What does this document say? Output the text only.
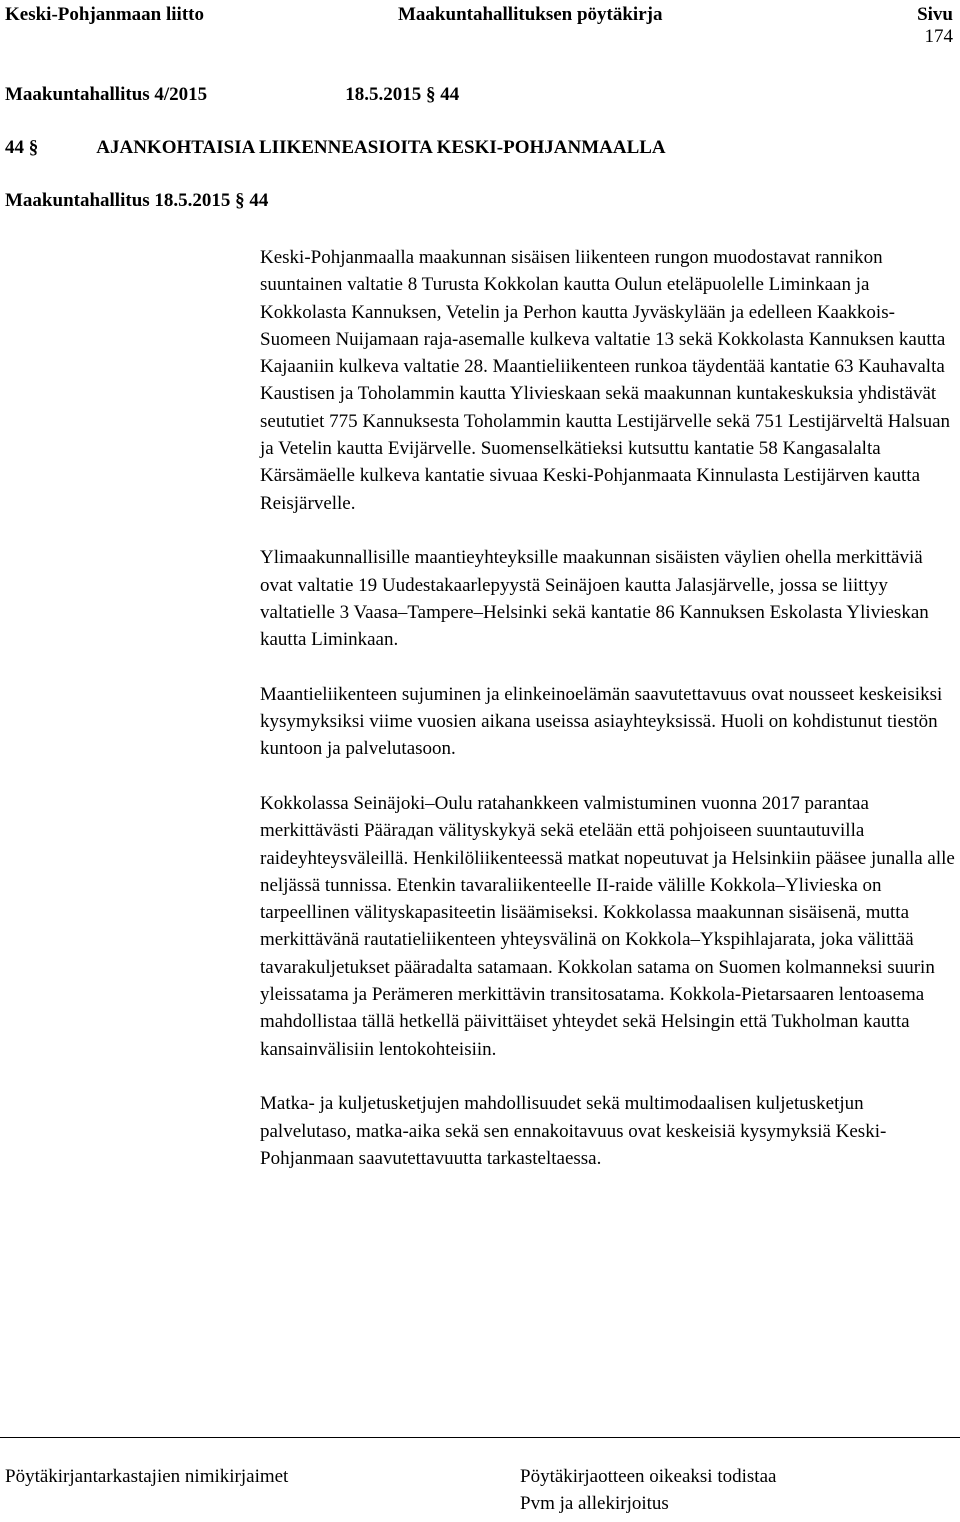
Keski-Pohjanmaan liitto	Maakuntahallituksen pöytäkirja	Sivu
174
Maakuntahallitus 4/2015	18.5.2015 § 44
44 §	AJANKOHTAISIA LIIKENNEASIOITA KESKI-POHJANMAALLA
Maakuntahallitus 18.5.2015 § 44

Keski-Pohjanmaalla maakunnan sisäisen liikenteen rungon muodostavat rannikon suuntainen valtatie 8 Turusta Kokkolan kautta Oulun eteläpuolelle Liminkaan ja Kokkolasta Kannuksen, Vetelin ja Perhon kautta Jyväskylään ja edelleen Kaakkois-Suomeen Nuijamaan raja-asemalle kulkeva valtatie 13 sekä Kokkolasta Kannuksen kautta Kajaaniin kulkeva valtatie 28. Maantieliikenteen runkoa täydentää kantatie 63 Kauhavalta Kaustisen ja Toholammin kautta Ylivieskaan sekä maakunnan kuntakeskuksia yhdistävät seututiet 775 Kannuksesta Toholammin kautta Lestijärvelle sekä 751 Lestijärveltä Halsuan ja Vetelin kautta Evijärvelle. Suomenselkätieksi kutsuttu kantatie 58 Kangasalalta Kärsämäelle kulkeva kantatie sivuaa Keski-Pohjanmaata Kinnulasta Lestijärven kautta Reisjärvelle.

Ylimaakunnallisille maantieyhteyksille maakunnan sisäisten väylien ohella merkittäviä ovat valtatie 19 Uudestakaarlepyystä Seinäjoen kautta Jalasjärvelle, jossa se liittyy valtatielle 3 Vaasa–Tampere–Helsinki sekä kantatie 86 Kannuksen Eskolasta Ylivieskan kautta Liminkaan.

Maantieliikenteen sujuminen ja elinkeinoelämän saavutettavuus ovat nousseet keskeisiksi kysymyksiksi viime vuosien aikana useissa asiayhteyksissä. Huoli on kohdistunut tiestön kuntoon ja palvelutasoon.

Kokkolassa Seinäjoki–Oulu ratahankkeen valmistuminen vuonna 2017 parantaa merkittävästi Päärадan välityskykyä sekä etelään että pohjoiseen suuntautuvilla raideyhteysväleillä. Henkilöliikenteessä matkat nopeutuvat ja Helsinkiin pääsee junalla alle neljässä tunnissa. Etenkin tavaraliikenteelle II-raide välille Kokkola–Ylivieska on tarpeellinen välityskapasiteetin lisäämiseksi. Kokkolassa maakunnan sisäisenä, mutta merkittävänä rautatieliikenteen yhteysvälinä on Kokkola–Ykspihlajarata, joka välittää tavarakuljetukset pääradalta satamaan. Kokkolan satama on Suomen kolmanneksi suurin yleissatama ja Perämeren merkittävin transitosatama. Kokkola-Pietarsaaren lentoasema mahdollistaa tällä hetkellä päivittäiset yhteydet sekä Helsingin että Tukholman kautta kansainvälisiin lentokohteisiin.

Matka- ja kuljetusketjujen mahdollisuudet sekä multimodaalisen kuljetusketjun palvelutaso, matka-aika sekä sen ennakoitavuus ovat keskeisiä kysymyksiä Keski-Pohjanmaan saavutettavuutta tarkasteltaessa.

Pöytäkirjantarkastajien nimikirjaimet	Pöytäkirjaotteen oikeaksi todistaa
Pvm ja allekirjoitus
